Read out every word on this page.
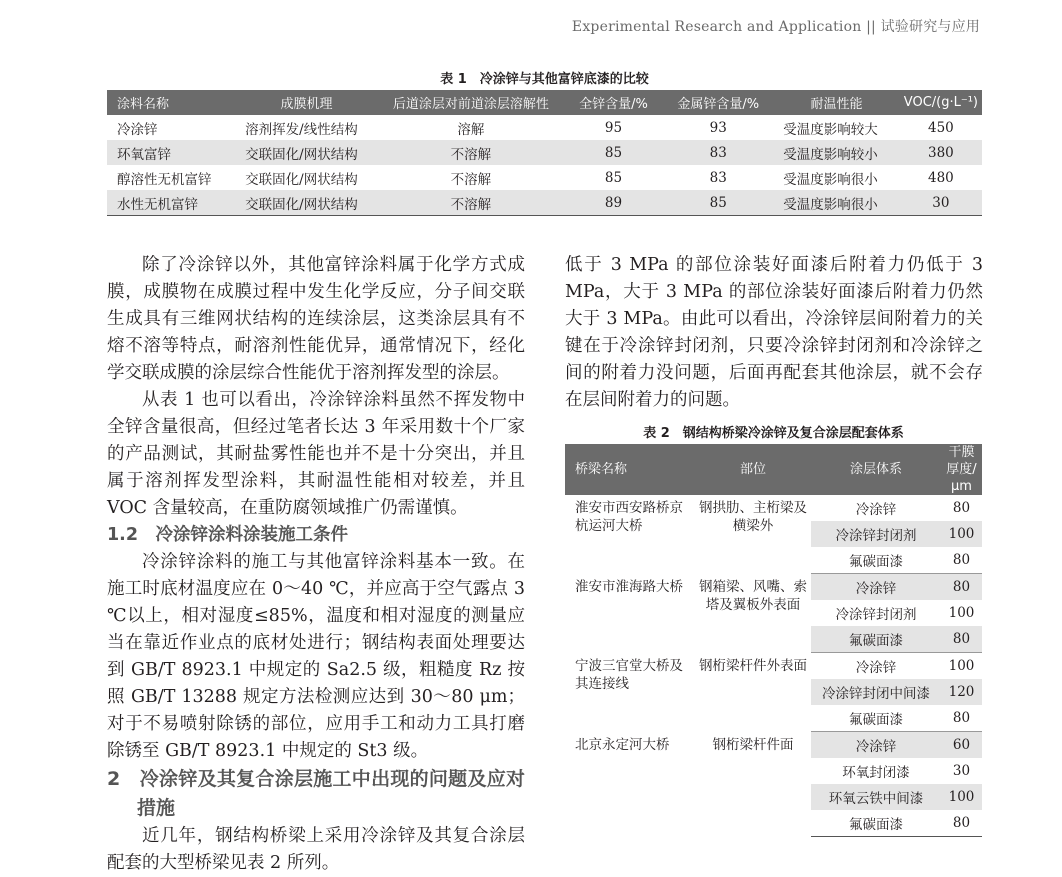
Experimental Research and Application || 试验研究与应用
表 1　冷涂锌与其他富锌底漆的比较
涂料名称	成膜机理	后道涂层对前道涂层溶解性	全锌含量/%	金属锌含量/%	耐温性能	VOC/(g·L⁻¹)
冷涂锌	溶剂挥发/线性结构	溶解	95	93	受温度影响较大	450
环氧富锌	交联固化/网状结构	不溶解	85	83	受温度影响较小	380
醇溶性无机富锌	交联固化/网状结构	不溶解	85	83	受温度影响很小	480
水性无机富锌	交联固化/网状结构	不溶解	89	85	受温度影响很小	30

除了冷涂锌以外，其他富锌涂料属于化学方式成膜，成膜物在成膜过程中发生化学反应，分子间交联生成具有三维网状结构的连续涂层，这类涂层具有不熔不溶等特点，耐溶剂性能优异，通常情况下，经化学交联成膜的涂层综合性能优于溶剂挥发型的涂层。

从表 1 也可以看出，冷涂锌涂料虽然不挥发物中全锌含量很高，但经过笔者长达 3 年采用数十个厂家的产品测试，其耐盐雾性能也并不是十分突出，并且属于溶剂挥发型涂料，其耐温性能相对较差，并且 VOC 含量较高，在重防腐领域推广仍需谨慎。

1.2　冷涂锌涂料涂装施工条件

冷涂锌涂料的施工与其他富锌涂料基本一致。在施工时底材温度应在 0～40 ℃，并应高于空气露点 3 ℃以上，相对湿度≤85%，温度和相对湿度的测量应当在靠近作业点的底材处进行；钢结构表面处理要达到 GB/T 8923.1 中规定的 Sa2.5 级，粗糙度 Rz 按照 GB/T 13288 规定方法检测应达到 30～80 μm；对于不易喷射除锈的部位，应用手工和动力工具打磨除锈至 GB/T 8923.1 中规定的 St3 级。

2　冷涂锌及其复合涂层施工中出现的问题及应对措施

近几年，钢结构桥梁上采用冷涂锌及其复合涂层配套的大型桥梁见表 2 所列。

低于 3 MPa 的部位涂装好面漆后附着力仍低于 3 MPa，大于 3 MPa 的部位涂装好面漆后附着力仍然大于 3 MPa。由此可以看出，冷涂锌层间附着力的关键在于冷涂锌封闭剂，只要冷涂锌封闭剂和冷涂锌之间的附着力没问题，后面再配套其他涂层，就不会存在层间附着力的问题。

表 2　钢结构桥梁冷涂锌及复合涂层配套体系
桥梁名称	部位	涂层体系	干膜厚度/μm
淮安市西安路桥京杭运河大桥	钢拱肋、主桁梁及横梁外	冷涂锌	80
		冷涂锌封闭剂	100
		氟碳面漆	80
淮安市淮海路大桥	钢箱梁、风嘴、索塔及翼板外表面	冷涂锌	80
		冷涂锌封闭剂	100
		氟碳面漆	80
宁波三官堂大桥及其连接线	钢桁梁杆件外表面	冷涂锌	100
		冷涂锌封闭中间漆	120
		氟碳面漆	80
北京永定河大桥	钢桁梁杆件面	冷涂锌	60
		环氧封闭漆	30
		环氧云铁中间漆	100
		氟碳面漆	80
